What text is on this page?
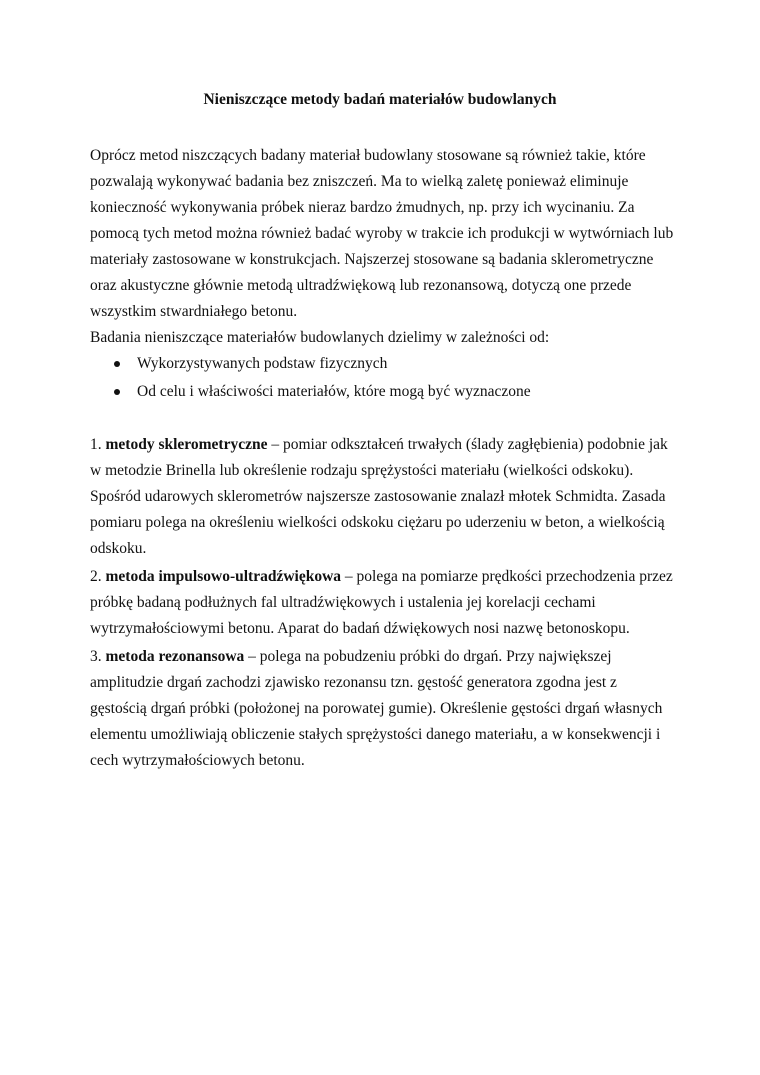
Nieniszczące metody badań materiałów budowlanych

Oprócz metod niszczących badany materiał budowlany stosowane są również takie, które

pozwalają wykonywać badania bez zniszczeń. Ma to wielką zaletę ponieważ eliminuje

konieczność wykonywania próbek nieraz bardzo żmudnych, np. przy ich wycinaniu. Za

pomocą tych metod można również badać wyroby w trakcie ich produkcji w wytwórniach lub

materiały zastosowane w konstrukcjach. Najszerzej stosowane są badania sklerometryczne

oraz akustyczne głównie metodą ultradźwiękową lub rezonansową, dotyczą one przede

wszystkim stwardniałego betonu.

Badania nieniszczące materiałów budowlanych dzielimy w zależności od:

Wykorzystywanych podstaw fizycznych
Od celu i właściwości materiałów, które mogą być wyznaczone

1. metody sklerometryczne – pomiar odkształceń trwałych (ślady zagłębienia) podobnie jak

w metodzie Brinella lub określenie rodzaju sprężystości materiału (wielkości odskoku).

Spośród udarowych sklerometrów najszersze zastosowanie znalazł młotek Schmidta. Zasada

pomiaru polega na określeniu wielkości odskoku ciężaru po uderzeniu w beton, a wielkością

odskoku.

2. metoda impulsowo-ultradźwiękowa – polega na pomiarze prędkości przechodzenia przez

próbkę badaną podłużnych fal ultradźwiękowych i ustalenia jej korelacji cechami

wytrzymałościowymi betonu. Aparat do badań dźwiękowych nosi nazwę betonoskopu.

3. metoda rezonansowa – polega na pobudzeniu próbki do drgań. Przy największej

amplitudzie drgań zachodzi zjawisko rezonansu tzn. gęstość generatora zgodna jest z

gęstością drgań próbki (położonej na porowatej gumie). Określenie gęstości drgań własnych

elementu umożliwiają obliczenie stałych sprężystości danego materiału, a w konsekwencji i

cech wytrzymałościowych betonu.
